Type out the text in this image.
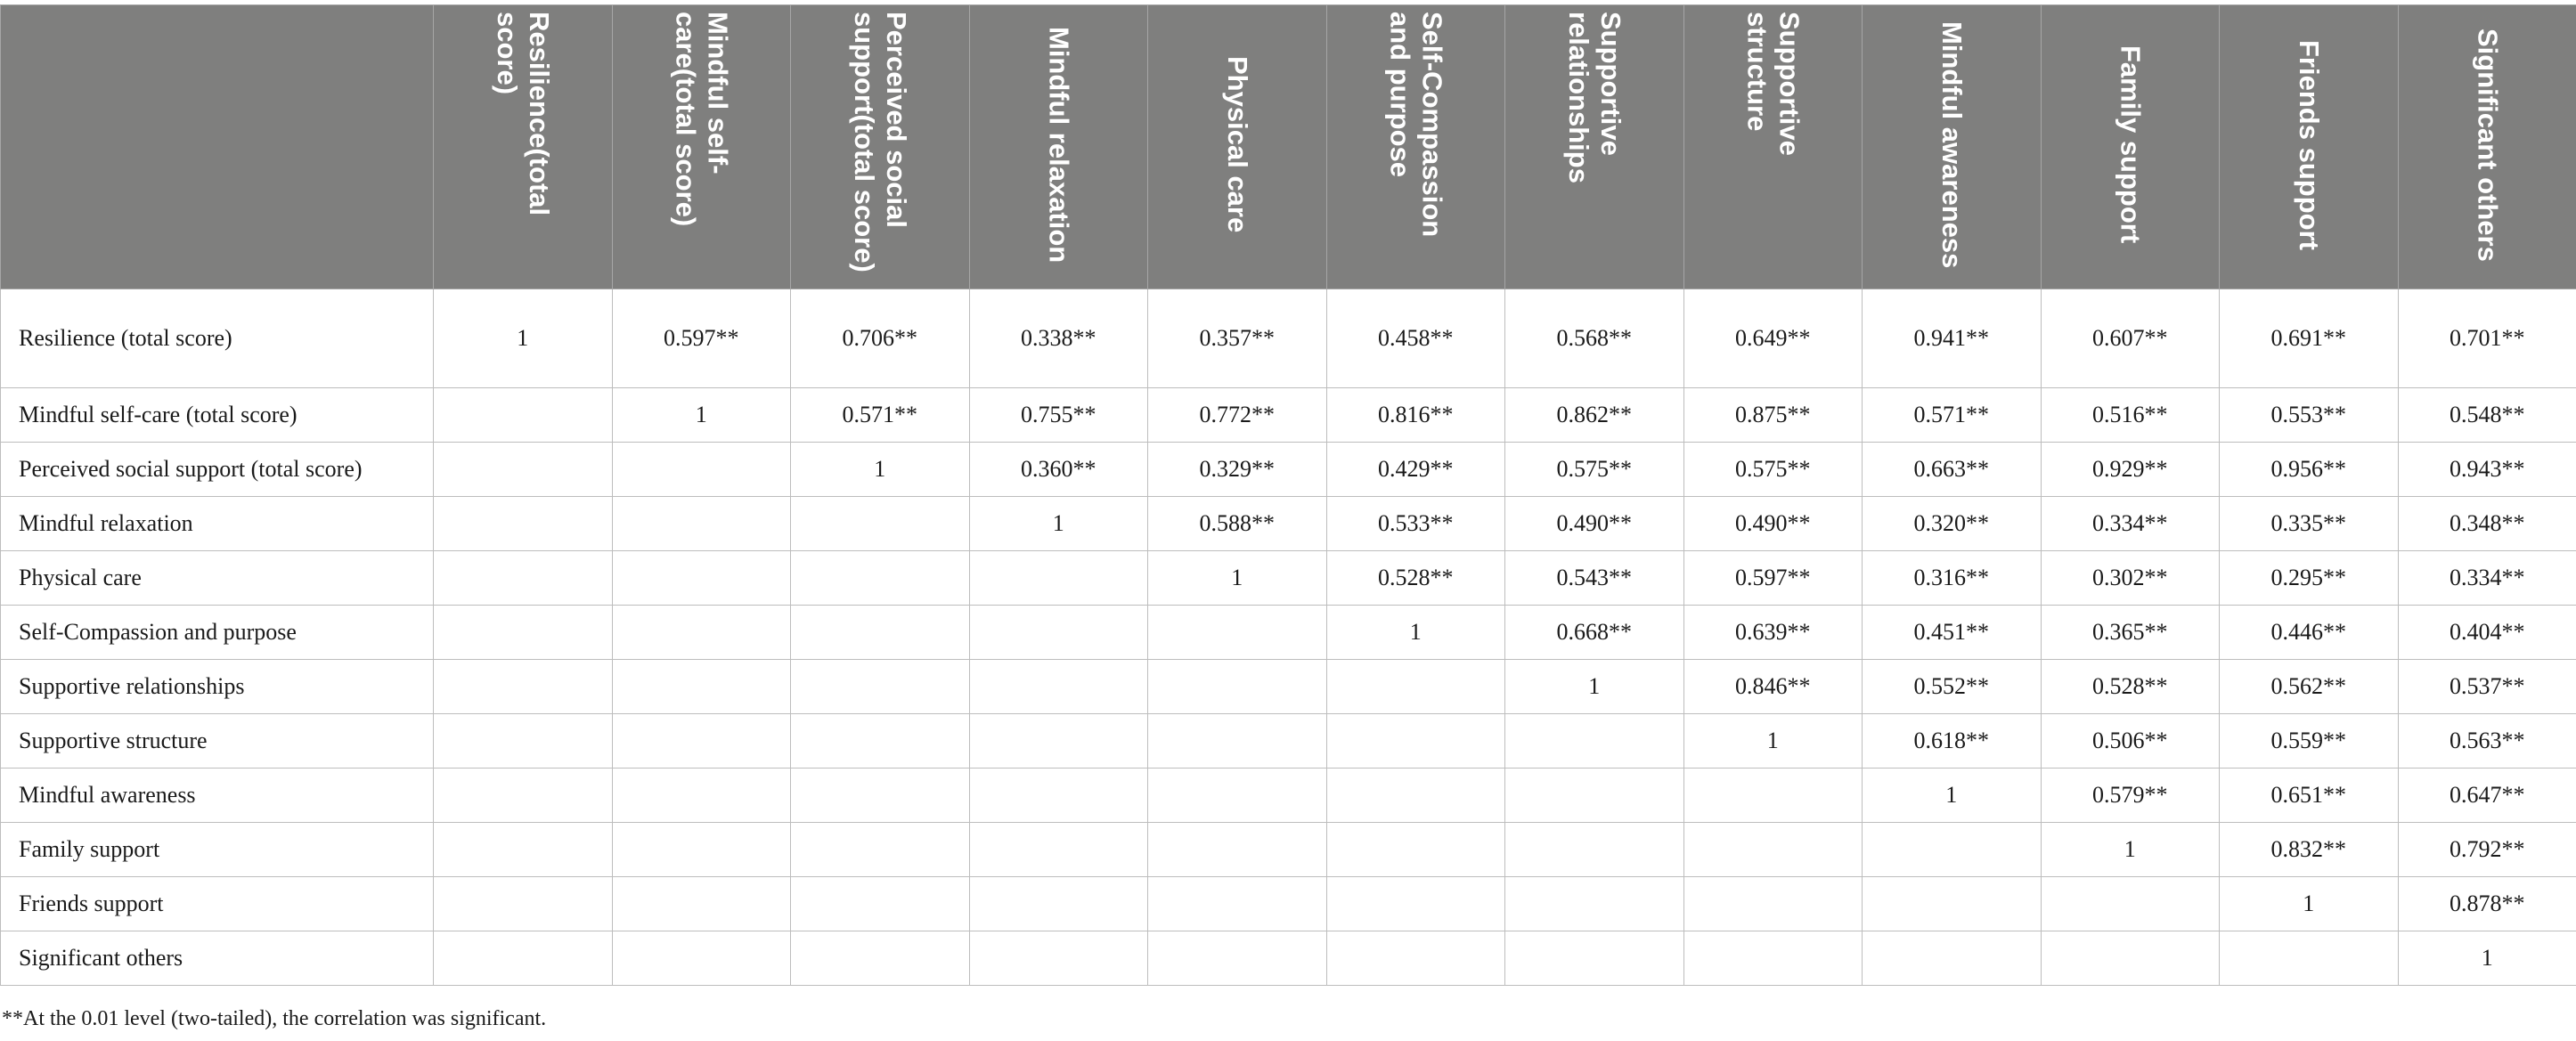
	Resilience(total score)	Mindful self-care(total score)	Perceived social support(total score)	Mindful relaxation	Physical care	Self-Compassion and purpose	Supportive relationships	Supportive structure	Mindful awareness	Family support	Friends support	Significant others
Resilience (total score)	1	0.597**	0.706**	0.338**	0.357**	0.458**	0.568**	0.649**	0.941**	0.607**	0.691**	0.701**
Mindful self-care (total score)		1	0.571**	0.755**	0.772**	0.816**	0.862**	0.875**	0.571**	0.516**	0.553**	0.548**
Perceived social support (total score)			1	0.360**	0.329**	0.429**	0.575**	0.575**	0.663**	0.929**	0.956**	0.943**
Mindful relaxation				1	0.588**	0.533**	0.490**	0.490**	0.320**	0.334**	0.335**	0.348**
Physical care					1	0.528**	0.543**	0.597**	0.316**	0.302**	0.295**	0.334**
Self-Compassion and purpose						1	0.668**	0.639**	0.451**	0.365**	0.446**	0.404**
Supportive relationships							1	0.846**	0.552**	0.528**	0.562**	0.537**
Supportive structure								1	0.618**	0.506**	0.559**	0.563**
Mindful awareness									1	0.579**	0.651**	0.647**
Family support										1	0.832**	0.792**
Friends support											1	0.878**
Significant others												1
**At the 0.01 level (two-tailed), the correlation was significant.
